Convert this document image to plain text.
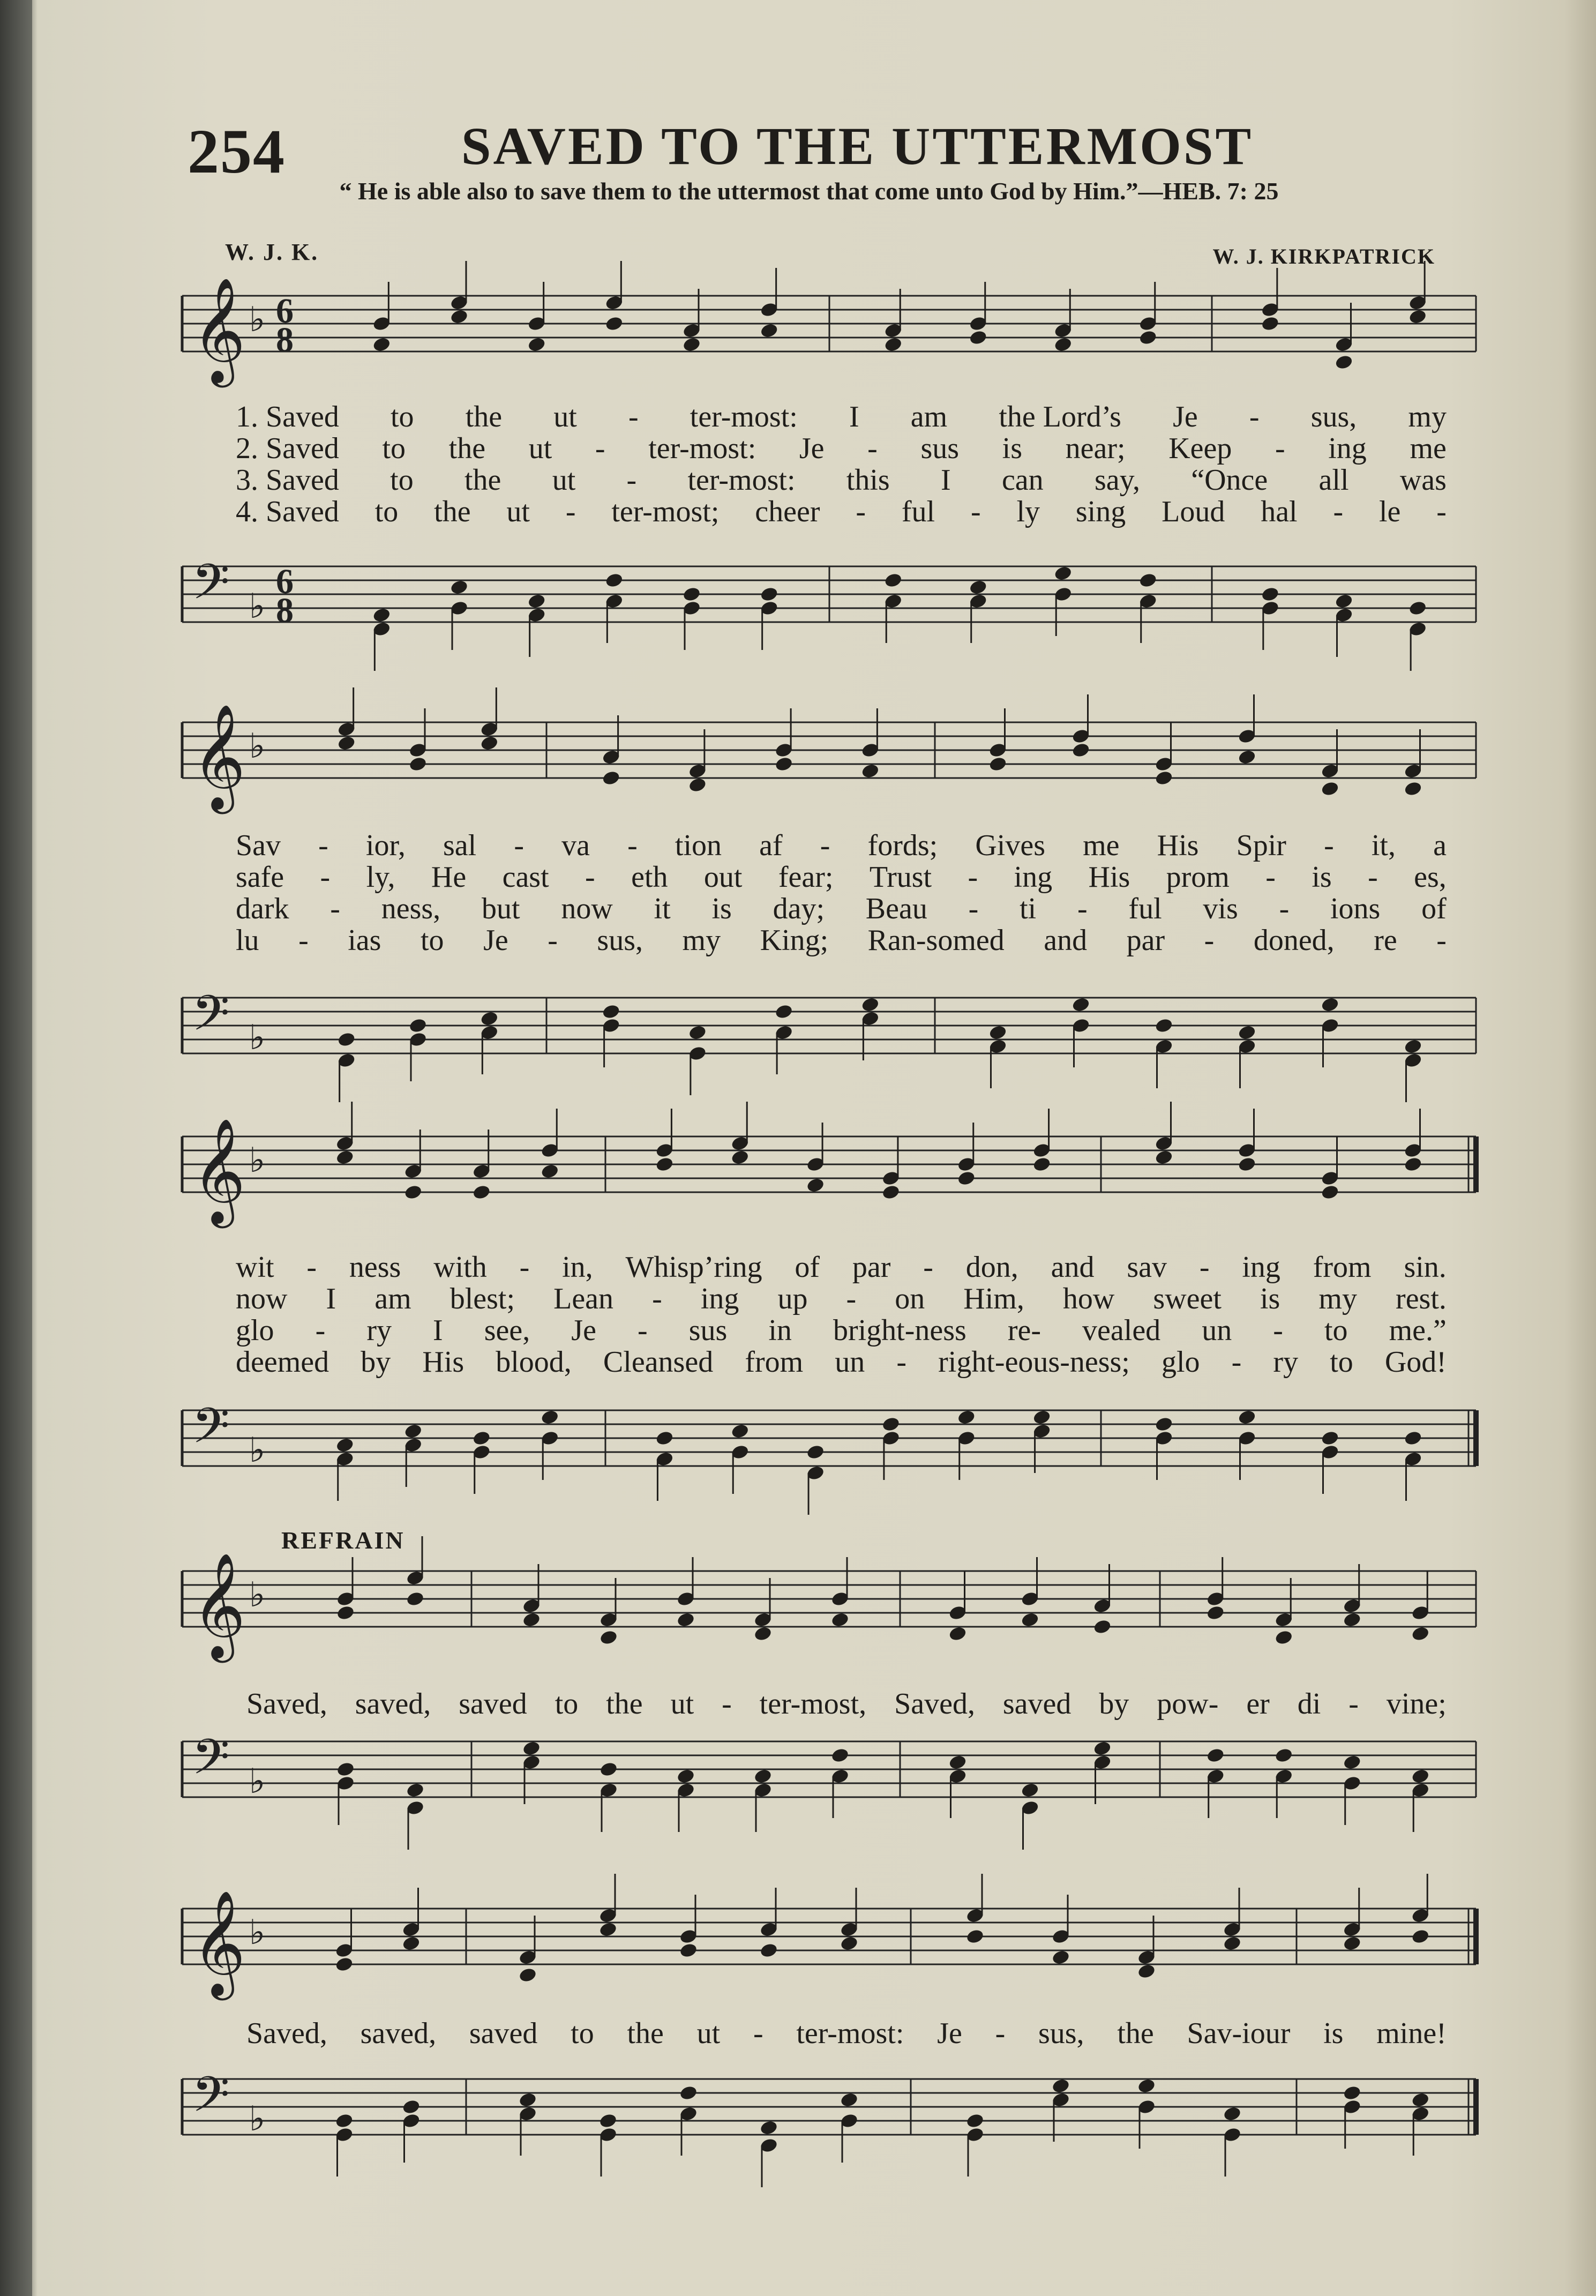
254	SAVED TO THE UTTERMOST
“ He is able also to save them to the uttermost that come unto God by Him.”—HEB. 7: 25
W. J. K.	W. J. KIRKPATRICK
REFRAIN
𝄞 ♭ 6
8
𝄢 ♭
6
8
𝄞 ♭
𝄢 ♭
𝄞 ♭
𝄢 ♭
𝄞 ♭
𝄢 ♭
𝄞 ♭
𝄢 ♭
1. Saved to the ut - ter-most: I am the Lord’s Je - sus, my
2. Saved to the ut - ter-most: Je - sus is near; Keep - ing me
3. Saved to the ut - ter-most: this I can say, “Once all was
4. Saved to the ut - ter-most; cheer - ful - ly sing Loud hal - le -
Sav - ior, sal - va - tion af - fords; Gives me His Spir - it, a
safe - ly, He cast - eth out fear; Trust - ing His prom - is - es,
dark - ness, but now it is day; Beau - ti - ful vis - ions of
lu - ias to Je - sus, my King; Ran-somed and par - doned, re -
wit - ness with - in, Whisp’ring of par - don, and sav - ing from sin.
now I am blest; Lean - ing up - on Him, how sweet is my rest.
glo - ry I see, Je - sus in bright-ness re- vealed un - to me.”
deemed by His blood, Cleansed from un - right-eous-ness; glo - ry to God!
Saved, saved, saved to the ut - ter-most, Saved, saved by pow- er di - vine;
Saved, saved, saved to the ut - ter-most: Je - sus, the Sav-iour is mine!
